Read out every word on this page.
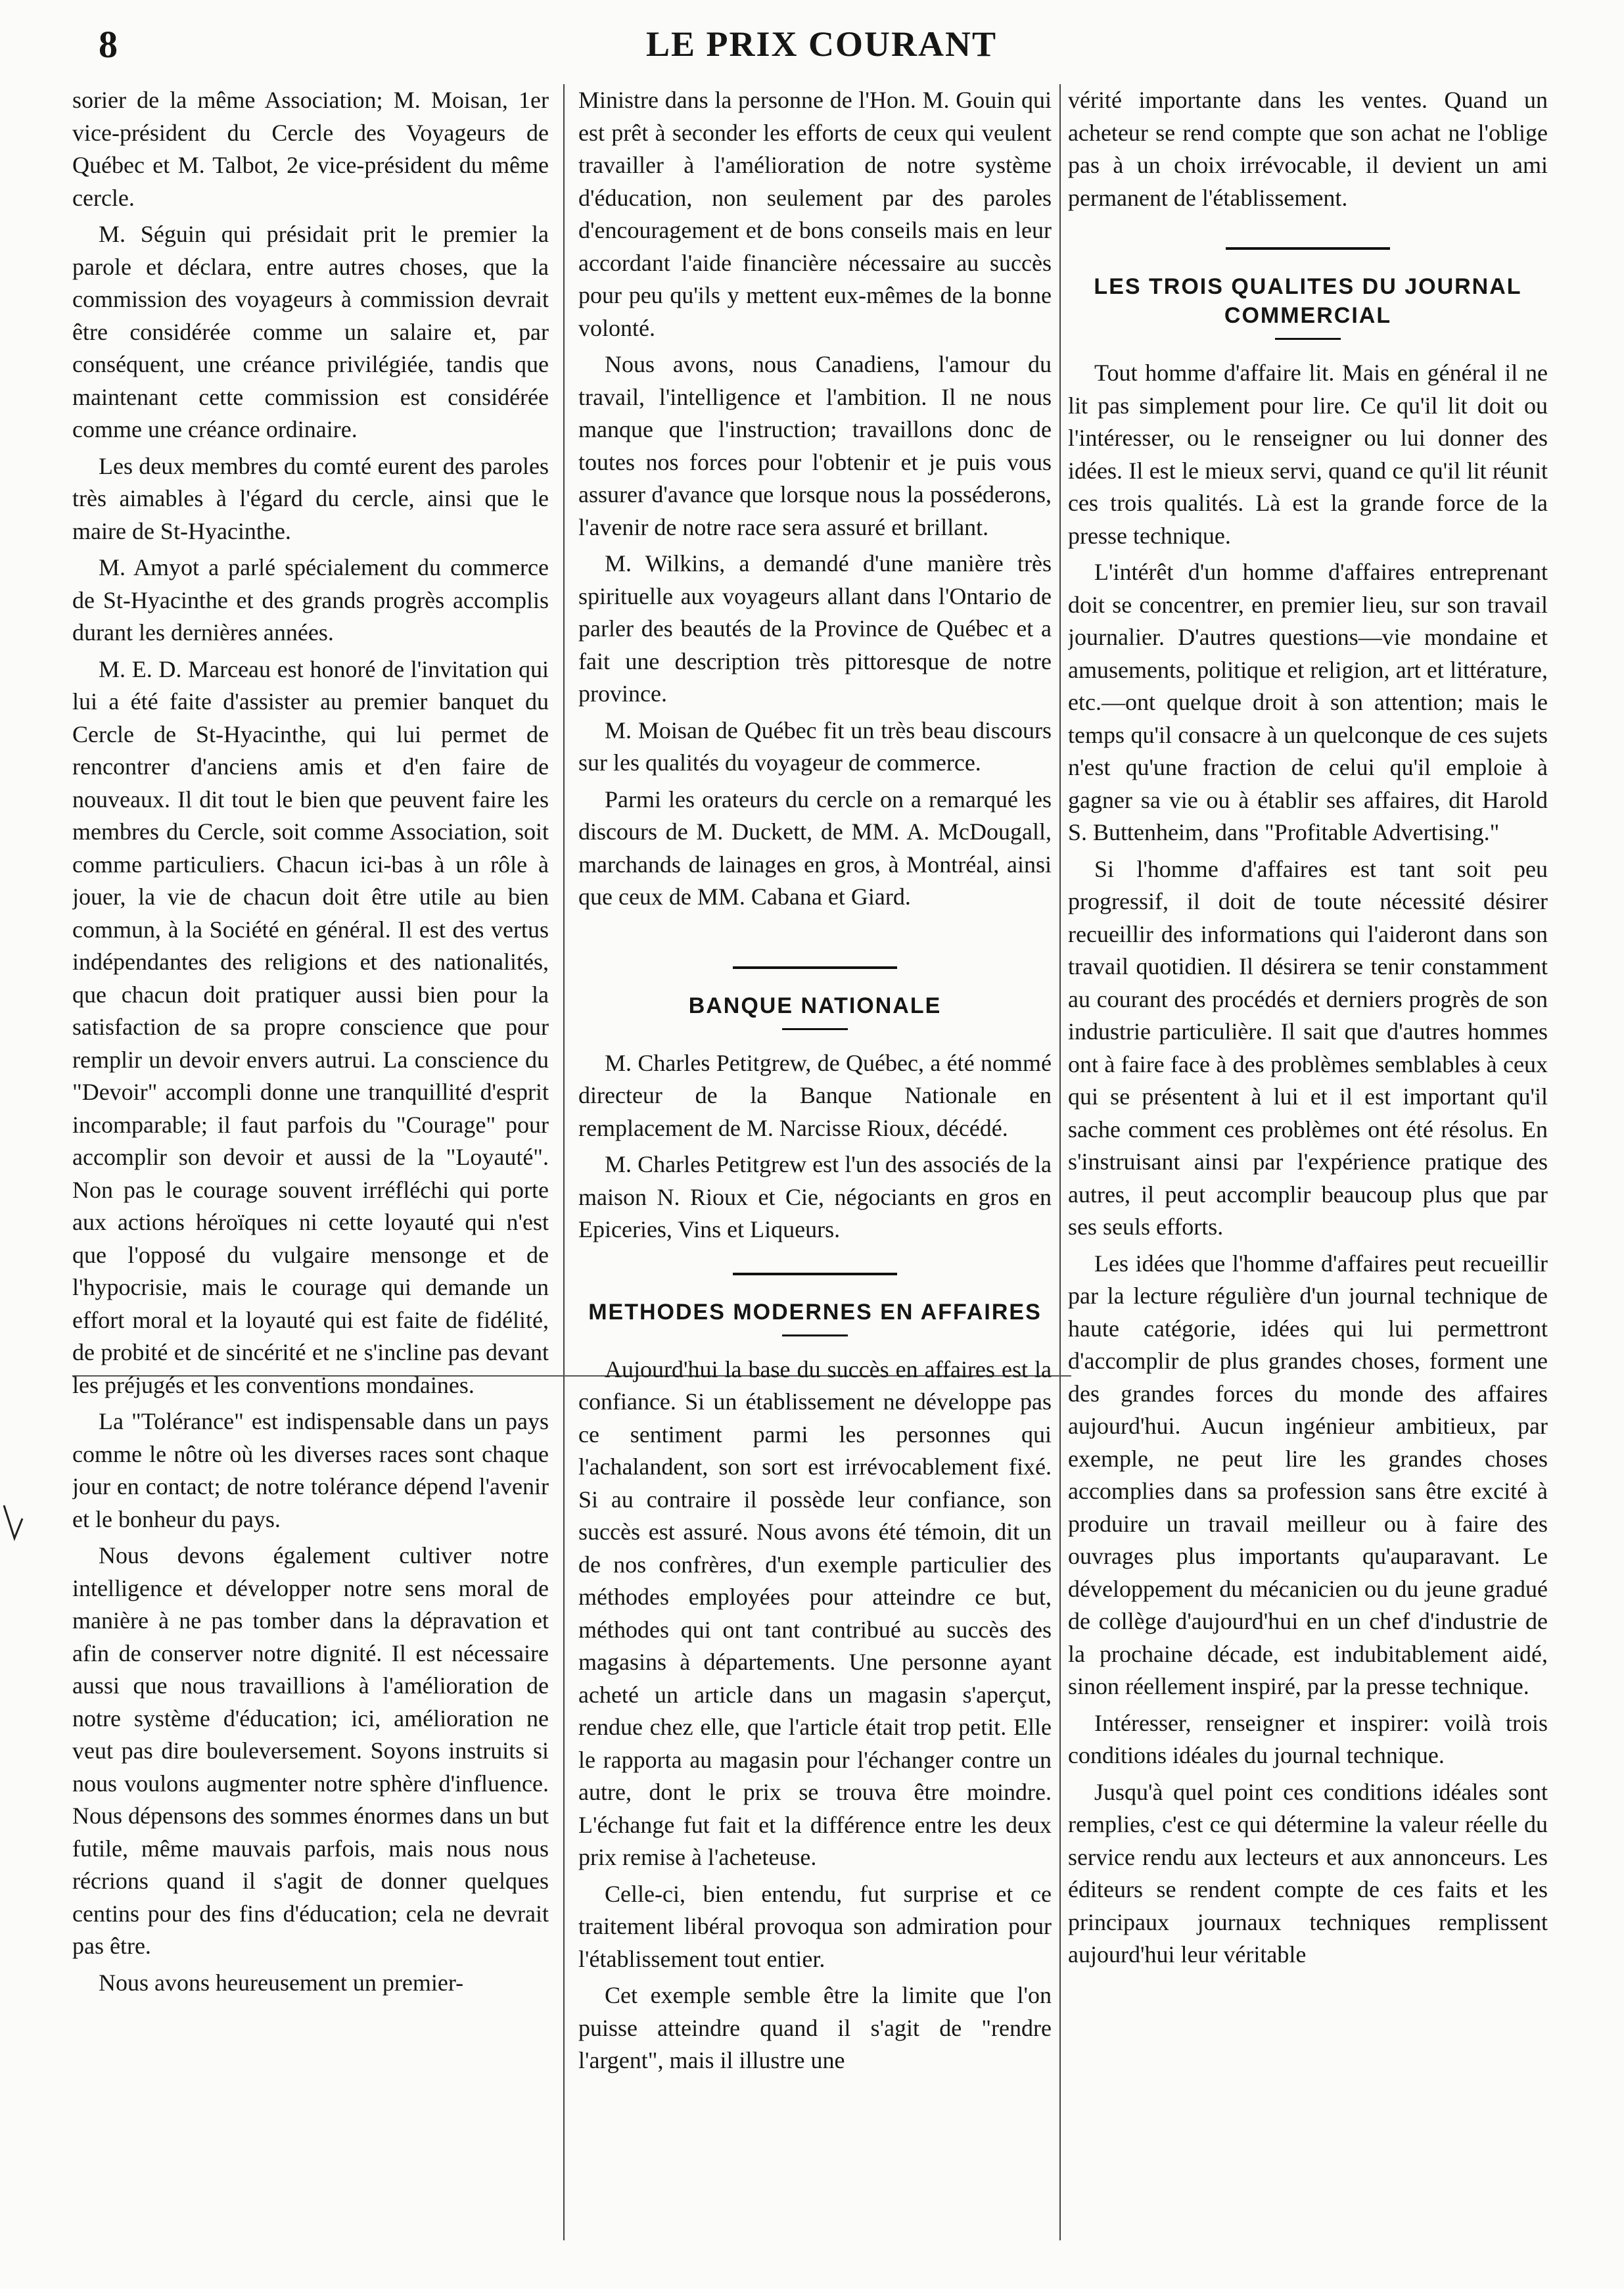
8	LE PRIX COURANT

sorier de la même Association; M. Moisan, 1er vice-président du Cercle des Voyageurs de Québec et M. Talbot, 2e vice-président du même cercle.

M. Séguin qui présidait prit le premier la parole et déclara, entre autres choses, que la commission des voyageurs à commission devrait être considérée comme un salaire et, par conséquent, une créance privilégiée, tandis que maintenant cette commission est considérée comme une créance ordinaire.

Les deux membres du comté eurent des paroles très aimables à l'égard du cercle, ainsi que le maire de St-Hyacinthe.

M. Amyot a parlé spécialement du commerce de St-Hyacinthe et des grands progrès accomplis durant les dernières années.

M. E. D. Marceau est honoré de l'invitation qui lui a été faite d'assister au premier banquet du Cercle de St-Hyacinthe, qui lui permet de rencontrer d'anciens amis et d'en faire de nouveaux. Il dit tout le bien que peuvent faire les membres du Cercle, soit comme Association, soit comme particuliers. Chacun ici-bas à un rôle à jouer, la vie de chacun doit être utile au bien commun, à la Société en général. Il est des vertus indépendantes des religions et des nationalités, que chacun doit pratiquer aussi bien pour la satisfaction de sa propre conscience que pour remplir un devoir envers autrui. La conscience du "Devoir" accompli donne une tranquillité d'esprit incomparable; il faut parfois du "Courage" pour accomplir son devoir et aussi de la "Loyauté". Non pas le courage souvent irréfléchi qui porte aux actions héroïques ni cette loyauté qui n'est que l'opposé du vulgaire mensonge et de l'hypocrisie, mais le courage qui demande un effort moral et la loyauté qui est faite de fidélité, de probité et de sincérité et ne s'incline pas devant les préjugés et les conventions mondaines.

La "Tolérance" est indispensable dans un pays comme le nôtre où les diverses races sont chaque jour en contact; de notre tolérance dépend l'avenir et le bonheur du pays.

Nous devons également cultiver notre intelligence et développer notre sens moral de manière à ne pas tomber dans la dépravation et afin de conserver notre dignité. Il est nécessaire aussi que nous travaillions à l'amélioration de notre système d'éducation; ici, amélioration ne veut pas dire bouleversement. Soyons instruits si nous voulons augmenter notre sphère d'influence. Nous dépensons des sommes énormes dans un but futile, même mauvais parfois, mais nous nous récrions quand il s'agit de donner quelques centins pour des fins d'éducation; cela ne devrait pas être.

Nous avons heureusement un premier-

Ministre dans la personne de l'Hon. M. Gouin qui est prêt à seconder les efforts de ceux qui veulent travailler à l'amélioration de notre système d'éducation, non seulement par des paroles d'encouragement et de bons conseils mais en leur accordant l'aide financière nécessaire au succès pour peu qu'ils y mettent eux-mêmes de la bonne volonté.

Nous avons, nous Canadiens, l'amour du travail, l'intelligence et l'ambition. Il ne nous manque que l'instruction; travaillons donc de toutes nos forces pour l'obtenir et je puis vous assurer d'avance que lorsque nous la posséderons, l'avenir de notre race sera assuré et brillant.

M. Wilkins, a demandé d'une manière très spirituelle aux voyageurs allant dans l'Ontario de parler des beautés de la Province de Québec et a fait une description très pittoresque de notre province.

M. Moisan de Québec fit un très beau discours sur les qualités du voyageur de commerce.

Parmi les orateurs du cercle on a remarqué les discours de M. Duckett, de MM. A. McDougall, marchands de lainages en gros, à Montréal, ainsi que ceux de MM. Cabana et Giard.

BANQUE NATIONALE

M. Charles Petitgrew, de Québec, a été nommé directeur de la Banque Nationale en remplacement de M. Narcisse Rioux, décédé.

M. Charles Petitgrew est l'un des associés de la maison N. Rioux et Cie, négociants en gros en Epiceries, Vins et Liqueurs.

METHODES MODERNES EN AFFAIRES

Aujourd'hui la base du succès en affaires est la confiance. Si un établissement ne développe pas ce sentiment parmi les personnes qui l'achalandent, son sort est irrévocablement fixé. Si au contraire il possède leur confiance, son succès est assuré. Nous avons été témoin, dit un de nos confrères, d'un exemple particulier des méthodes employées pour atteindre ce but, méthodes qui ont tant contribué au succès des magasins à départements. Une personne ayant acheté un article dans un magasin s'aperçut, rendue chez elle, que l'article était trop petit. Elle le rapporta au magasin pour l'échanger contre un autre, dont le prix se trouva être moindre. L'échange fut fait et la différence entre les deux prix remise à l'acheteuse.

Celle-ci, bien entendu, fut surprise et ce traitement libéral provoqua son admiration pour l'établissement tout entier.

Cet exemple semble être la limite que l'on puisse atteindre quand il s'agit de "rendre l'argent", mais il illustre une

vérité importante dans les ventes. Quand un acheteur se rend compte que son achat ne l'oblige pas à un choix irrévocable, il devient un ami permanent de l'établissement.

LES TROIS QUALITES DU JOURNAL COMMERCIAL

Tout homme d'affaire lit. Mais en général il ne lit pas simplement pour lire. Ce qu'il lit doit ou l'intéresser, ou le renseigner ou lui donner des idées. Il est le mieux servi, quand ce qu'il lit réunit ces trois qualités. Là est la grande force de la presse technique.

L'intérêt d'un homme d'affaires entreprenant doit se concentrer, en premier lieu, sur son travail journalier. D'autres questions—vie mondaine et amusements, politique et religion, art et littérature, etc.—ont quelque droit à son attention; mais le temps qu'il consacre à un quelconque de ces sujets n'est qu'une fraction de celui qu'il emploie à gagner sa vie ou à établir ses affaires, dit Harold S. Buttenheim, dans "Profitable Advertising."

Si l'homme d'affaires est tant soit peu progressif, il doit de toute nécessité désirer recueillir des informations qui l'aideront dans son travail quotidien. Il désirera se tenir constamment au courant des procédés et derniers progrès de son industrie particulière. Il sait que d'autres hommes ont à faire face à des problèmes semblables à ceux qui se présentent à lui et il est important qu'il sache comment ces problèmes ont été résolus. En s'instruisant ainsi par l'expérience pratique des autres, il peut accomplir beaucoup plus que par ses seuls efforts.

Les idées que l'homme d'affaires peut recueillir par la lecture régulière d'un journal technique de haute catégorie, idées qui lui permettront d'accomplir de plus grandes choses, forment une des grandes forces du monde des affaires aujourd'hui. Aucun ingénieur ambitieux, par exemple, ne peut lire les grandes choses accomplies dans sa profession sans être excité à produire un travail meilleur ou à faire des ouvrages plus importants qu'auparavant. Le développement du mécanicien ou du jeune gradué de collège d'aujourd'hui en un chef d'industrie de la prochaine décade, est indubitablement aidé, sinon réellement inspiré, par la presse technique.

Intéresser, renseigner et inspirer: voilà trois conditions idéales du journal technique.

Jusqu'à quel point ces conditions idéales sont remplies, c'est ce qui détermine la valeur réelle du service rendu aux lecteurs et aux annonceurs. Les éditeurs se rendent compte de ces faits et les principaux journaux techniques remplissent aujourd'hui leur véritable
